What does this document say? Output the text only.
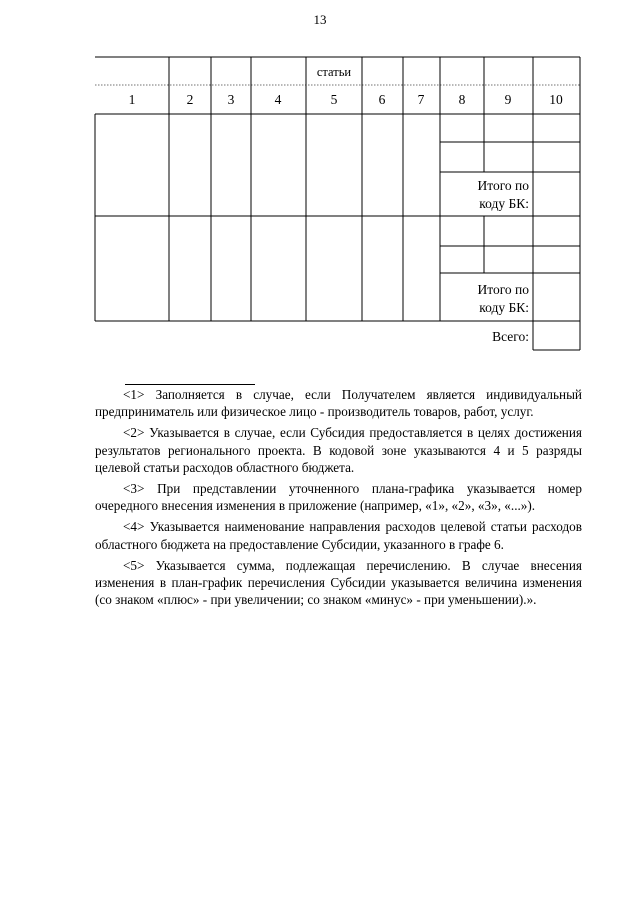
13
статьи
1	2	3	4	5	6 7	8	9	10
Итого по
коду БК:
Итого по
коду БК:
Всего:

<1> Заполняется в случае, если Получателем является индивидуальный предприниматель или физическое лицо - производитель товаров, работ, услуг.

<2> Указывается в случае, если Субсидия предоставляется в целях достижения результатов регионального проекта. В кодовой зоне указываются 4 и 5 разряды целевой статьи расходов областного бюджета.

<3> При представлении уточненного плана-графика указывается номер очередного внесения изменения в приложение (например, «1», «2», «3», «...»).

<4> Указывается наименование направления расходов целевой статьи расходов областного бюджета на предоставление Субсидии, указанного в графе 6.

<5> Указывается сумма, подлежащая перечислению. В случае внесения изменения в план-график перечисления Субсидии указывается величина изменения (со знаком «плюс» - при увеличении; со знаком «минус» - при уменьшении).».
